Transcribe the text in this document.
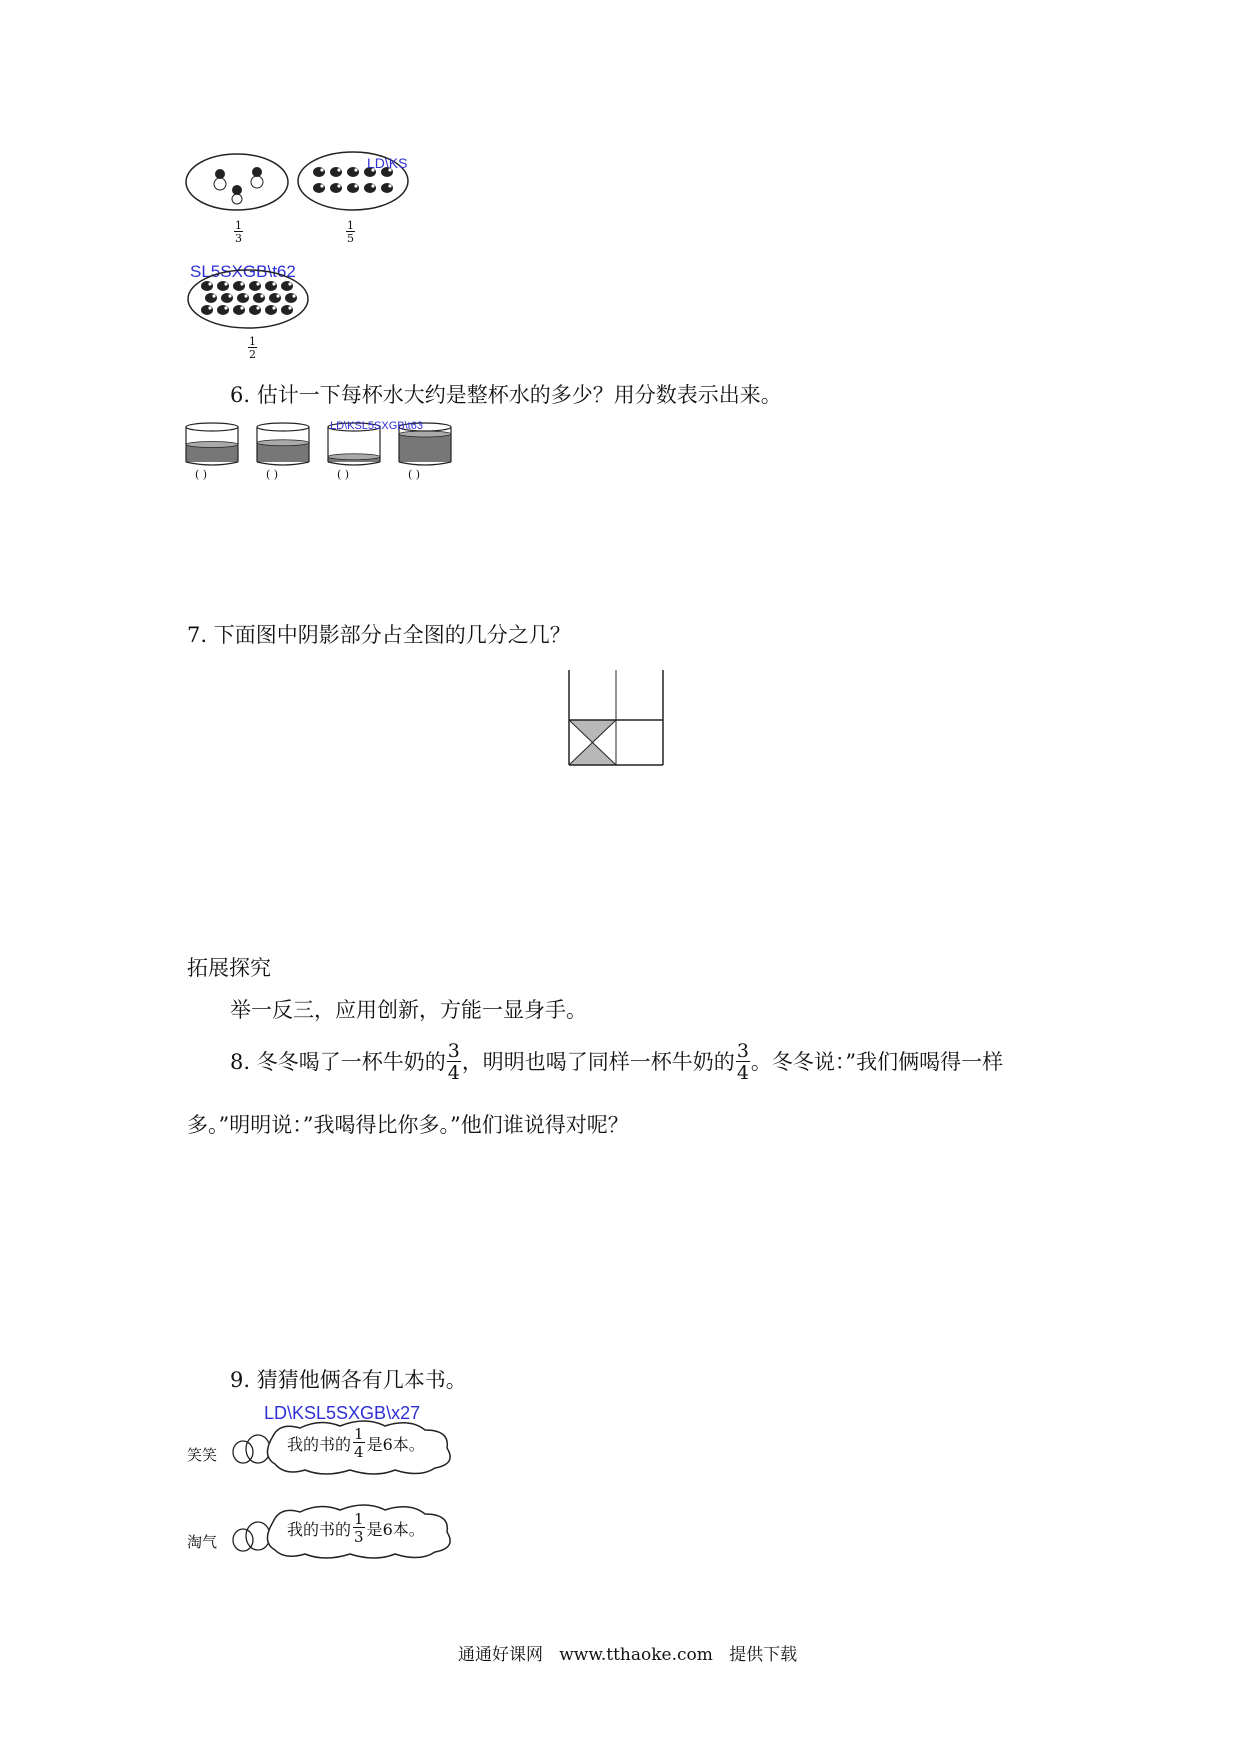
$\frac{1}{3}$
LD\KS
$\frac{1}{5}$
SL5SXGB\t62
$\frac{1}{2}$
6. 估计一下每杯水大约是整杯水的多少？用分数表示出来。
LD\KSL5SXGB\t63
( )	( )	( )	( )
7. 下面图中阴影部分占全图的几分之几？
拓展探究
举一反三，应用创新，方能一显身手。
8. 冬冬喝了一杯牛奶的 $\frac{3}{4}$ ，明明也喝了同样一杯牛奶的 $\frac{3}{4}$ 。冬冬说：”我们俩喝得一样
多。”明明说：”我喝得比你多。”他们谁说得对呢？
9. 猜猜他俩各有几本书。
LD\KSL5SXGB\x27
笑笑
我的书的 $\frac{1}{4}$ 是6本。
淘气
我的书的 $\frac{1}{3}$ 是6本。
通通好课网   www.tthaoke.com   提供下载
